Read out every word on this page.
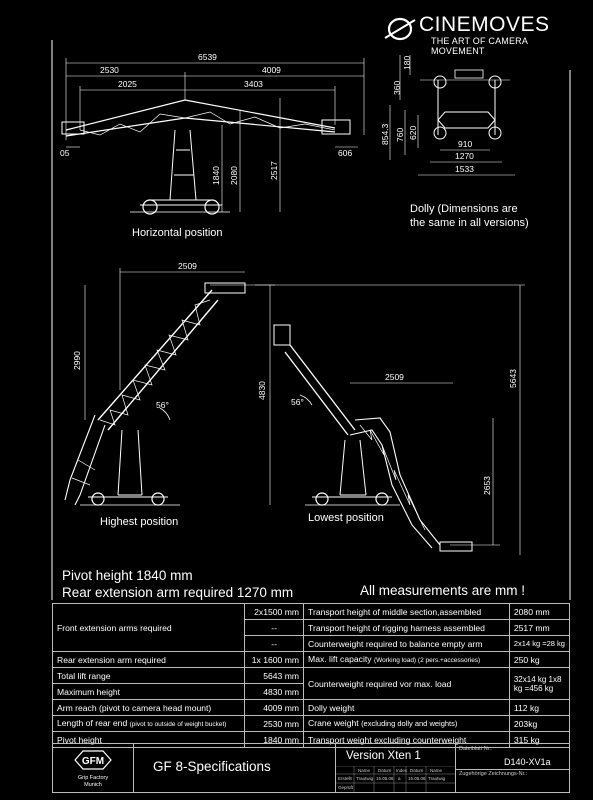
CINEMOVES
THE ART OF CAMERA MOVEMENT
6539
2530	4009
2025	3403
05	606
1840 2080	2517
180
360
854.3 760 620
910
1270
1533
2509
2990
4830
56°
2509
2653
5643
56°
Horizontal position
Dolly (Dimensions are
the same in all versions)
Highest position	Lowest position
Pivot height 1840 mm
Rear extension arm required 1270 mm	All measurements are mm !
Front extension arms required	2x1500 mm	Transport height of middle section,assembled	2080 mm
	--	Transport height of rigging harness assembled	2517 mm
	--	Counterweight required to balance empty arm	2x14 kg =28 kg
Rear extension arm required	1x 1600 mm	Max. lift capacity (Working load) (2 pers.+accessories)	250 kg
Total lift range	5643 mm	Counterweight required vor max. load	32x14 kg 1x8 kg =456 kg
Maximum height	4830 mm		
Arm reach (pivot to camera head mount)	4009 mm	Dolly weight	112 kg
Length of rear end (pivot to outside of weight bucket)	2530 mm	Crane weight (excluding dolly and weights)	203kg
Pivot height	1840 mm	Transport weight excluding counterweight	315 kg
GFM
Grip Factory
Munich
GF 8-Specifications
Version Xten 1
Name Datum Index Datum Name
Erstellt Trautwig 15.05.06 a 15.05.06 Trautwig
Geprüft
Dateiblatt Nr.:
D140-XV1a
Zugehörige Zeichnungs-Nr.:
